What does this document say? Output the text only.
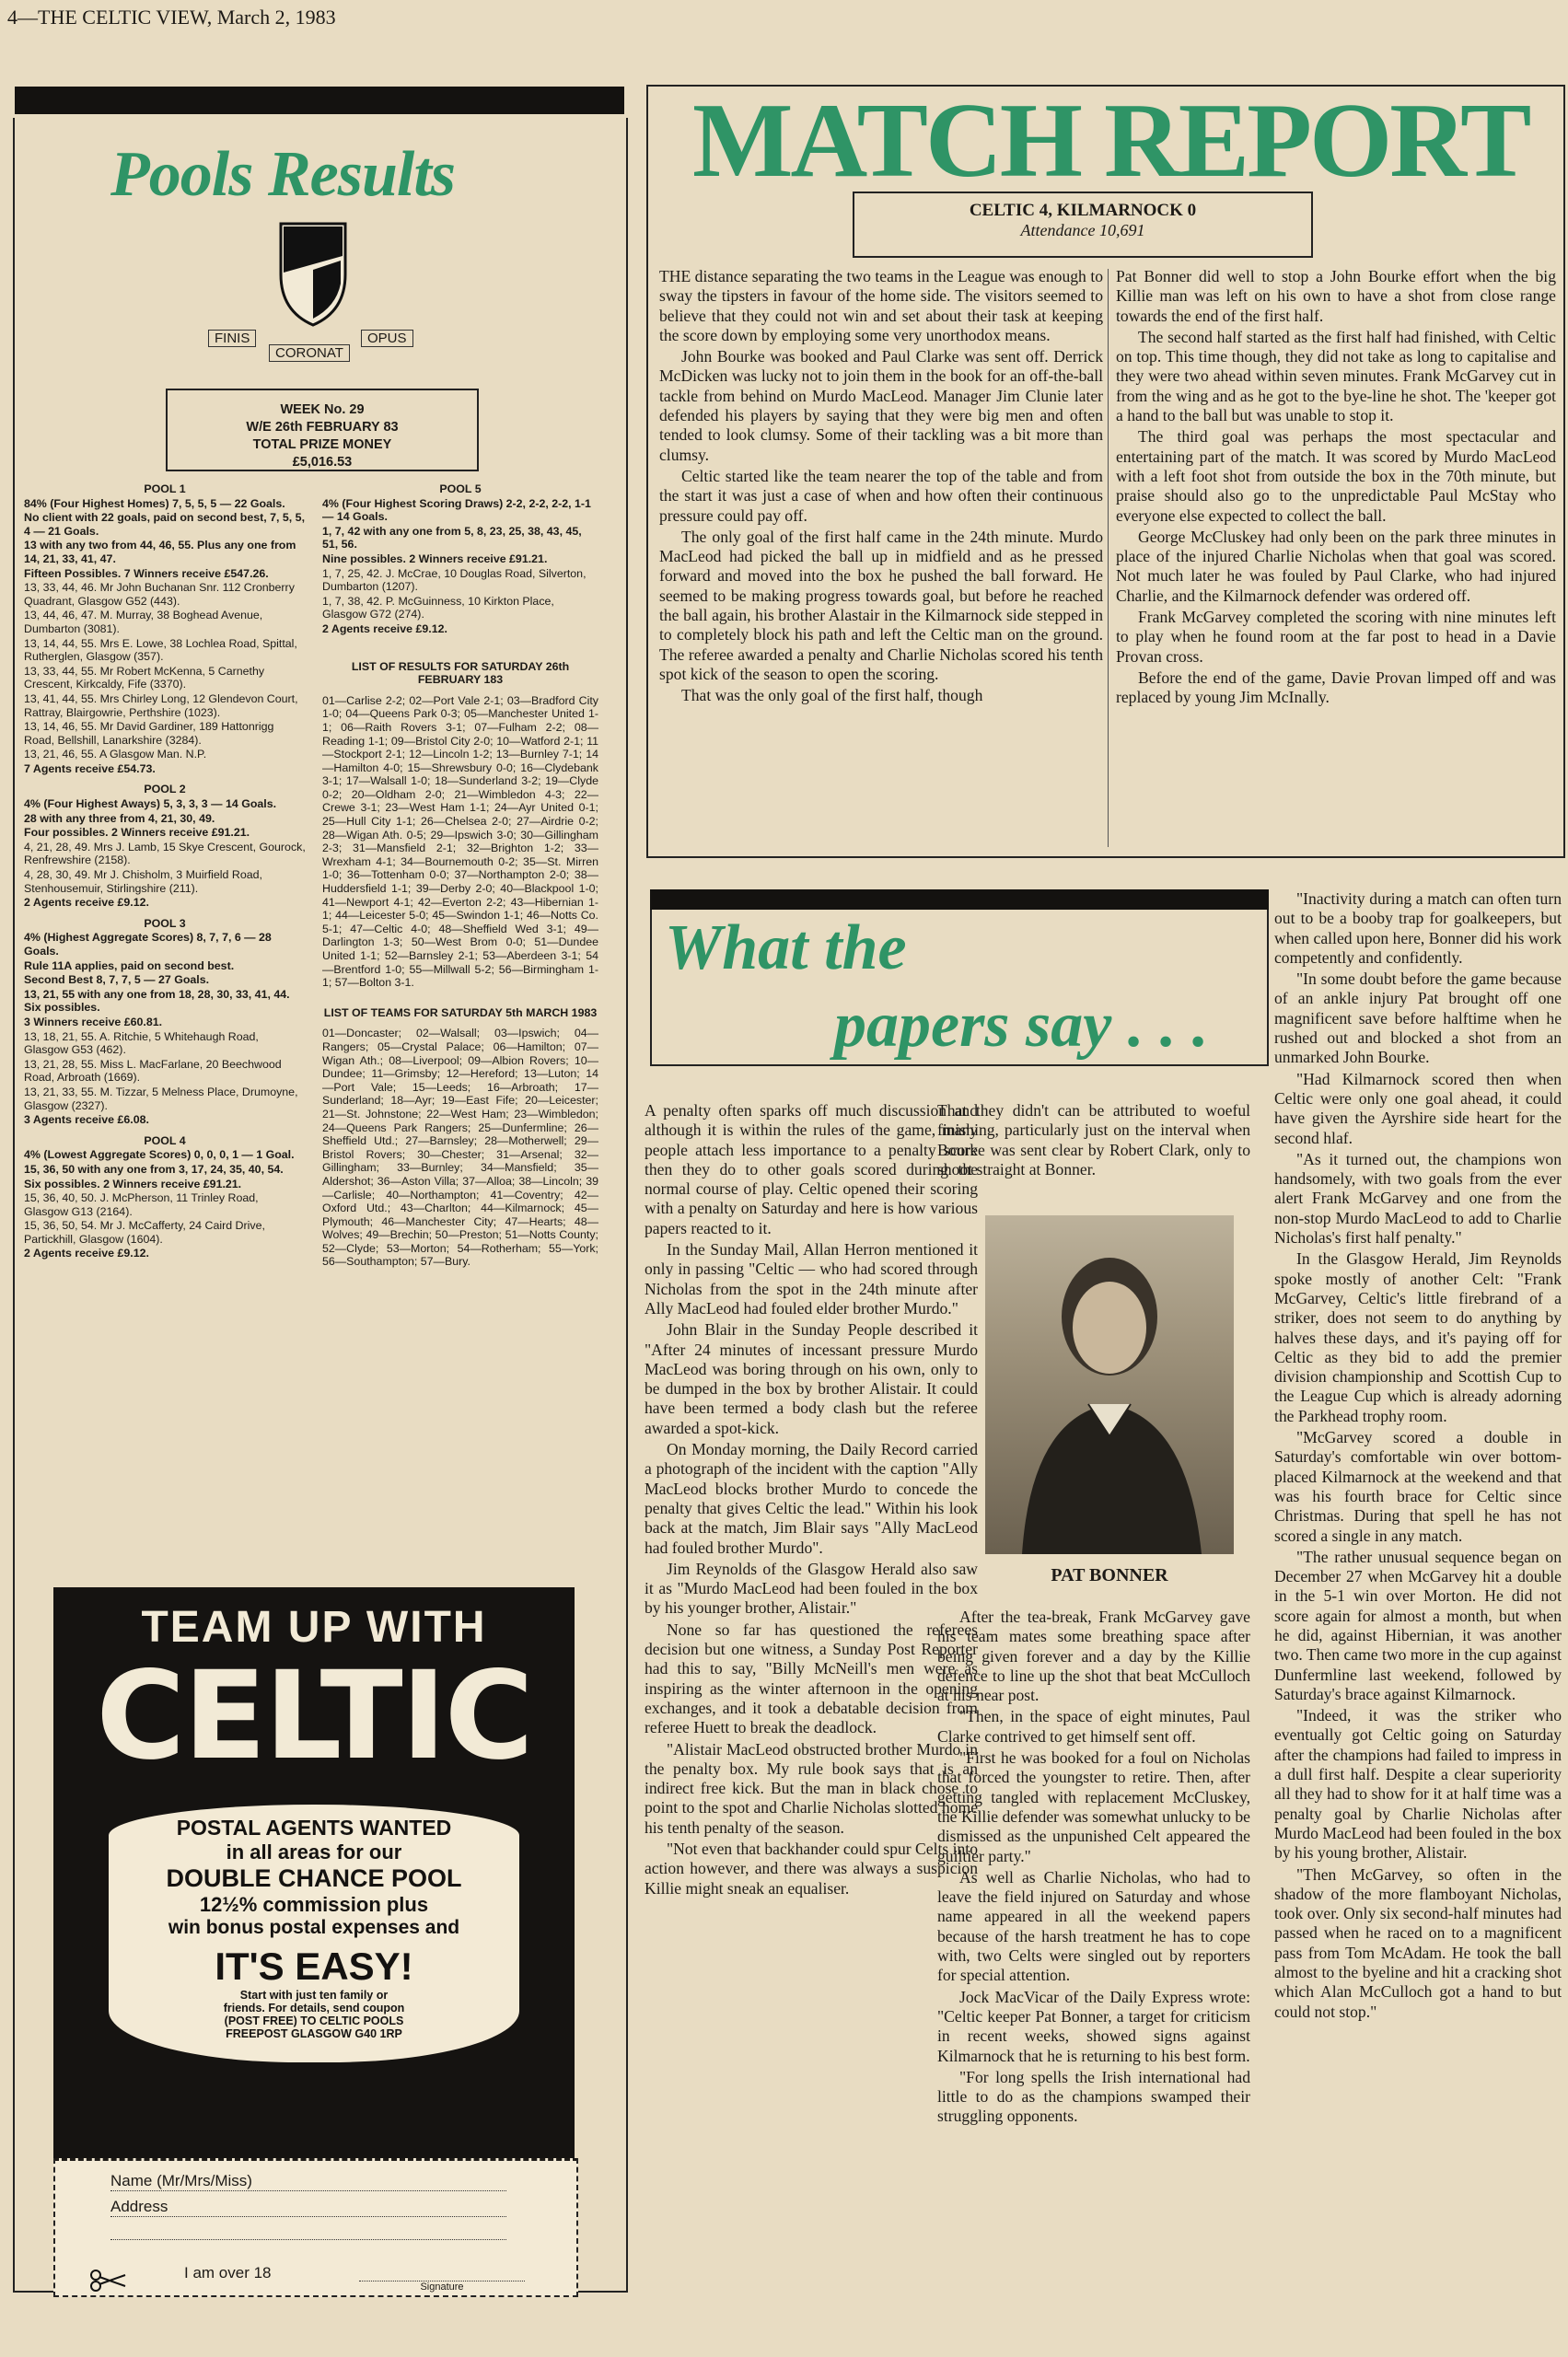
4—THE CELTIC VIEW, March 2, 1983
Pools Results
FINIS
CORONAT
OPUS
WEEK No. 29
W/E 26th FEBRUARY 83
TOTAL PRIZE MONEY
£5,016.53

POOL 1

84% (Four Highest Homes) 7, 5, 5, 5 — 22 Goals.

No client with 22 goals, paid on second best, 7, 5, 5, 4 — 21 Goals.

13 with any two from 44, 46, 55. Plus any one from 14, 21, 33, 41, 47.

Fifteen Possibles. 7 Winners receive £547.26.

13, 33, 44, 46. Mr John Buchanan Snr. 112 Cronberry Quadrant, Glasgow G52 (443).

13, 44, 46, 47. M. Murray, 38 Boghead Avenue, Dumbarton (3081).

13, 14, 44, 55. Mrs E. Lowe, 38 Lochlea Road, Spittal, Rutherglen, Glasgow (357).

13, 33, 44, 55. Mr Robert McKenna, 5 Carnethy Crescent, Kirkcaldy, Fife (3370).

13, 41, 44, 55. Mrs Chirley Long, 12 Glendevon Court, Rattray, Blairgowrie, Perthshire (1023).

13, 14, 46, 55. Mr David Gardiner, 189 Hattonrigg Road, Bellshill, Lanarkshire (3284).

13, 21, 46, 55. A Glasgow Man. N.P.

7 Agents receive £54.73.

POOL 2

4% (Four Highest Aways) 5, 3, 3, 3 — 14 Goals.

28 with any three from 4, 21, 30, 49.

Four possibles. 2 Winners receive £91.21.

4, 21, 28, 49. Mrs J. Lamb, 15 Skye Crescent, Gourock, Renfrewshire (2158).

4, 28, 30, 49. Mr J. Chisholm, 3 Muirfield Road, Stenhousemuir, Stirlingshire (211).

2 Agents receive £9.12.

POOL 3

4% (Highest Aggregate Scores) 8, 7, 7, 6 — 28 Goals.

Rule 11A applies, paid on second best.

Second Best 8, 7, 7, 5 — 27 Goals.

13, 21, 55 with any one from 18, 28, 30, 33, 41, 44. Six possibles.

3 Winners receive £60.81.

13, 18, 21, 55. A. Ritchie, 5 Whitehaugh Road, Glasgow G53 (462).

13, 21, 28, 55. Miss L. MacFarlane, 20 Beechwood Road, Arbroath (1669).

13, 21, 33, 55. M. Tizzar, 5 Melness Place, Drumoyne, Glasgow (2327).

3 Agents receive £6.08.

POOL 4

4% (Lowest Aggregate Scores) 0, 0, 0, 1 — 1 Goal.

15, 36, 50 with any one from 3, 17, 24, 35, 40, 54.

Six possibles. 2 Winners receive £91.21.

15, 36, 40, 50. J. McPherson, 11 Trinley Road, Glasgow G13 (2164).

15, 36, 50, 54. Mr J. McCafferty, 24 Caird Drive, Partickhill, Glasgow (1604).

2 Agents receive £9.12.

POOL 5

4% (Four Highest Scoring Draws) 2-2, 2-2, 2-2, 1-1 — 14 Goals.

1, 7, 42 with any one from 5, 8, 23, 25, 38, 43, 45, 51, 56.

Nine possibles. 2 Winners receive £91.21.

1, 7, 25, 42. J. McCrae, 10 Douglas Road, Silverton, Dumbarton (1207).

1, 7, 38, 42. P. McGuinness, 10 Kirkton Place, Glasgow G72 (274).

2 Agents receive £9.12.

LIST OF RESULTS FOR SATURDAY 26th FEBRUARY 183

01—Carlise 2-2; 02—Port Vale 2-1; 03—Bradford City 1-0; 04—Queens Park 0-3; 05—Manchester United 1-1; 06—Raith Rovers 3-1; 07—Fulham 2-2; 08—Reading 1-1; 09—Bristol City 2-0; 10—Watford 2-1; 11—Stockport 2-1; 12—Lincoln 1-2; 13—Burnley 7-1; 14—Hamilton 4-0; 15—Shrewsbury 0-0; 16—Clydebank 3-1; 17—Walsall 1-0; 18—Sunderland 3-2; 19—Clyde 0-2; 20—Oldham 2-0; 21—Wimbledon 4-3; 22—Crewe 3-1; 23—West Ham 1-1; 24—Ayr United 0-1; 25—Hull City 1-1; 26—Chelsea 2-0; 27—Airdrie 0-2; 28—Wigan Ath. 0-5; 29—Ipswich 3-0; 30—Gillingham 2-3; 31—Mansfield 2-1; 32—Brighton 1-2; 33—Wrexham 4-1; 34—Bournemouth 0-2; 35—St. Mirren 1-0; 36—Tottenham 0-0; 37—Northampton 2-0; 38—Huddersfield 1-1; 39—Derby 2-0; 40—Blackpool 1-0; 41—Newport 4-1; 42—Everton 2-2; 43—Hibernian 1-1; 44—Leicester 5-0; 45—Swindon 1-1; 46—Notts Co. 5-1; 47—Celtic 4-0; 48—Sheffield Wed 3-1; 49—Darlington 1-3; 50—West Brom 0-0; 51—Dundee United 1-1; 52—Barnsley 2-1; 53—Aberdeen 3-1; 54—Brentford 1-0; 55—Millwall 5-2; 56—Birmingham 1-1; 57—Bolton 3-1.

LIST OF TEAMS FOR SATURDAY 5th MARCH 1983

01—Doncaster; 02—Walsall; 03—Ipswich; 04—Rangers; 05—Crystal Palace; 06—Hamilton; 07—Wigan Ath.; 08—Liverpool; 09—Albion Rovers; 10—Dundee; 11—Grimsby; 12—Hereford; 13—Luton; 14—Port Vale; 15—Leeds; 16—Arbroath; 17—Sunderland; 18—Ayr; 19—East Fife; 20—Leicester; 21—St. Johnstone; 22—West Ham; 23—Wimbledon; 24—Queens Park Rangers; 25—Dunfermline; 26—Sheffield Utd.; 27—Barnsley; 28—Motherwell; 29—Bristol Rovers; 30—Chester; 31—Arsenal; 32—Gillingham; 33—Burnley; 34—Mansfield; 35—Aldershot; 36—Aston Villa; 37—Alloa; 38—Lincoln; 39—Carlisle; 40—Northampton; 41—Coventry; 42—Oxford Utd.; 43—Charlton; 44—Kilmarnock; 45—Plymouth; 46—Manchester City; 47—Hearts; 48—Wolves; 49—Brechin; 50—Preston; 51—Notts County; 52—Clyde; 53—Morton; 54—Rotherham; 55—York; 56—Southampton; 57—Bury.

TEAM UP WITH
CELTIC
POSTAL AGENTS WANTED
in all areas for our
DOUBLE CHANCE POOL
12½% commission plus
win bonus postal expenses and
IT'S EASY!
Start with just ten family or
friends. For details, send coupon
(POST FREE) TO CELTIC POOLS
FREEPOST GLASGOW G40 1RP
Name (Mr/Mrs/Miss)
Address
I am over 18
Signature
MATCH REPORT
CELTIC 4, KILMARNOCK 0
Attendance 10,691

THE distance separating the two teams in the League was enough to sway the tipsters in favour of the home side. The visitors seemed to believe that they could not win and set about their task at keeping the score down by employing some very unorthodox means.

John Bourke was booked and Paul Clarke was sent off. Derrick McDicken was lucky not to join them in the book for an off-the-ball tackle from behind on Murdo MacLeod. Manager Jim Clunie later defended his players by saying that they were big men and often tended to look clumsy. Some of their tackling was a bit more than clumsy.

Celtic started like the team nearer the top of the table and from the start it was just a case of when and how often their continuous pressure could pay off.

The only goal of the first half came in the 24th minute. Murdo MacLeod had picked the ball up in midfield and as he pressed forward and moved into the box he pushed the ball forward. He seemed to be making progress towards goal, but before he reached the ball again, his brother Alastair in the Kilmarnock side stepped in to completely block his path and left the Celtic man on the ground. The referee awarded a penalty and Charlie Nicholas scored his tenth spot kick of the season to open the scoring.

That was the only goal of the first half, though

Pat Bonner did well to stop a John Bourke effort when the big Killie man was left on his own to have a shot from close range towards the end of the first half.

The second half started as the first half had finished, with Celtic on top. This time though, they did not take as long to capitalise and they were two ahead within seven minutes. Frank McGarvey cut in from the wing and as he got to the bye-line he shot. The 'keeper got a hand to the ball but was unable to stop it.

The third goal was perhaps the most spectacular and entertaining part of the match. It was scored by Murdo MacLeod with a left foot shot from outside the box in the 70th minute, but praise should also go to the unpredictable Paul McStay who everyone else expected to collect the ball.

George McCluskey had only been on the park three minutes in place of the injured Charlie Nicholas when that goal was scored. Not much later he was fouled by Paul Clarke, who had injured Charlie, and the Kilmarnock defender was ordered off.

Frank McGarvey completed the scoring with nine minutes left to play when he found room at the far post to head in a Davie Provan cross.

Before the end of the game, Davie Provan limped off and was replaced by young Jim McInally.

What the
papers say . . .

A penalty often sparks off much discussion and although it is within the rules of the game, many people attach less importance to a penalty score then they do to other goals scored during the normal course of play. Celtic opened their scoring with a penalty on Saturday and here is how various papers reacted to it.

In the Sunday Mail, Allan Herron mentioned it only in passing "Celtic — who had scored through Nicholas from the spot in the 24th minute after Ally MacLeod had fouled elder brother Murdo."

John Blair in the Sunday People described it "After 24 minutes of incessant pressure Murdo MacLeod was boring through on his own, only to be dumped in the box by brother Alistair. It could have been termed a body clash but the referee awarded a spot-kick.

On Monday morning, the Daily Record carried a photograph of the incident with the caption "Ally MacLeod blocks brother Murdo to concede the penalty that gives Celtic the lead." Within his look back at the match, Jim Blair says "Ally MacLeod had fouled brother Murdo".

Jim Reynolds of the Glasgow Herald also saw it as "Murdo MacLeod had been fouled in the box by his younger brother, Alistair."

None so far has questioned the referees decision but one witness, a Sunday Post Reporter had this to say, "Billy McNeill's men were as inspiring as the winter afternoon in the opening exchanges, and it took a debatable decision from referee Huett to break the deadlock.

"Alistair MacLeod obstructed brother Murdo in the penalty box. My rule book says that is an indirect free kick. But the man in black chose to point to the spot and Charlie Nicholas slotted home his tenth penalty of the season.

"Not even that backhander could spur Celts into action however, and there was always a suspicion Killie might sneak an equaliser.

That they didn't can be attributed to woeful finishing, particularly just on the interval when Bourke was sent clear by Robert Clark, only to shoot straight at Bonner.

PAT BONNER

After the tea-break, Frank McGarvey gave his team mates some breathing space after being given forever and a day by the Killie defence to line up the shot that beat McCulloch at his near post.

"Then, in the space of eight minutes, Paul Clarke contrived to get himself sent off.

"First he was booked for a foul on Nicholas that forced the youngster to retire. Then, after getting tangled with replacement McCluskey, the Killie defender was somewhat unlucky to be dismissed as the unpunished Celt appeared the guiltier party."

As well as Charlie Nicholas, who had to leave the field injured on Saturday and whose name appeared in all the weekend papers because of the harsh treatment he has to cope with, two Celts were singled out by reporters for special attention.

Jock MacVicar of the Daily Express wrote: "Celtic keeper Pat Bonner, a target for criticism in recent weeks, showed signs against Kilmarnock that he is returning to his best form.

"For long spells the Irish international had little to do as the champions swamped their struggling opponents.

"Inactivity during a match can often turn out to be a booby trap for goalkeepers, but when called upon here, Bonner did his work competently and confidently.

"In some doubt before the game because of an ankle injury Pat brought off one magnificent save before halftime when he rushed out and blocked a shot from an unmarked John Bourke.

"Had Kilmarnock scored then when Celtic were only one goal ahead, it could have given the Ayrshire side heart for the second hlaf.

"As it turned out, the champions won handsomely, with two goals from the ever alert Frank McGarvey and one from the non-stop Murdo MacLeod to add to Charlie Nicholas's first half penalty."

In the Glasgow Herald, Jim Reynolds spoke mostly of another Celt: "Frank McGarvey, Celtic's little firebrand of a striker, does not seem to do anything by halves these days, and it's paying off for Celtic as they bid to add the premier division championship and Scottish Cup to the League Cup which is already adorning the Parkhead trophy room.

"McGarvey scored a double in Saturday's comfortable win over bottom-placed Kilmarnock at the weekend and that was his fourth brace for Celtic since Christmas. During that spell he has not scored a single in any match.

"The rather unusual sequence began on December 27 when McGarvey hit a double in the 5-1 win over Morton. He did not score again for almost a month, but when he did, against Hibernian, it was another two. Then came two more in the cup against Dunfermline last weekend, followed by Saturday's brace against Kilmarnock.

"Indeed, it was the striker who eventually got Celtic going on Saturday after the champions had failed to impress in a dull first half. Despite a clear superiority all they had to show for it at half time was a penalty goal by Charlie Nicholas after Murdo MacLeod had been fouled in the box by his young brother, Alistair.

"Then McGarvey, so often in the shadow of the more flamboyant Nicholas, took over. Only six second-half minutes had passed when he raced on to a magnificent pass from Tom McAdam. He took the ball almost to the byeline and hit a cracking shot which Alan McCulloch got a hand to but could not stop."
